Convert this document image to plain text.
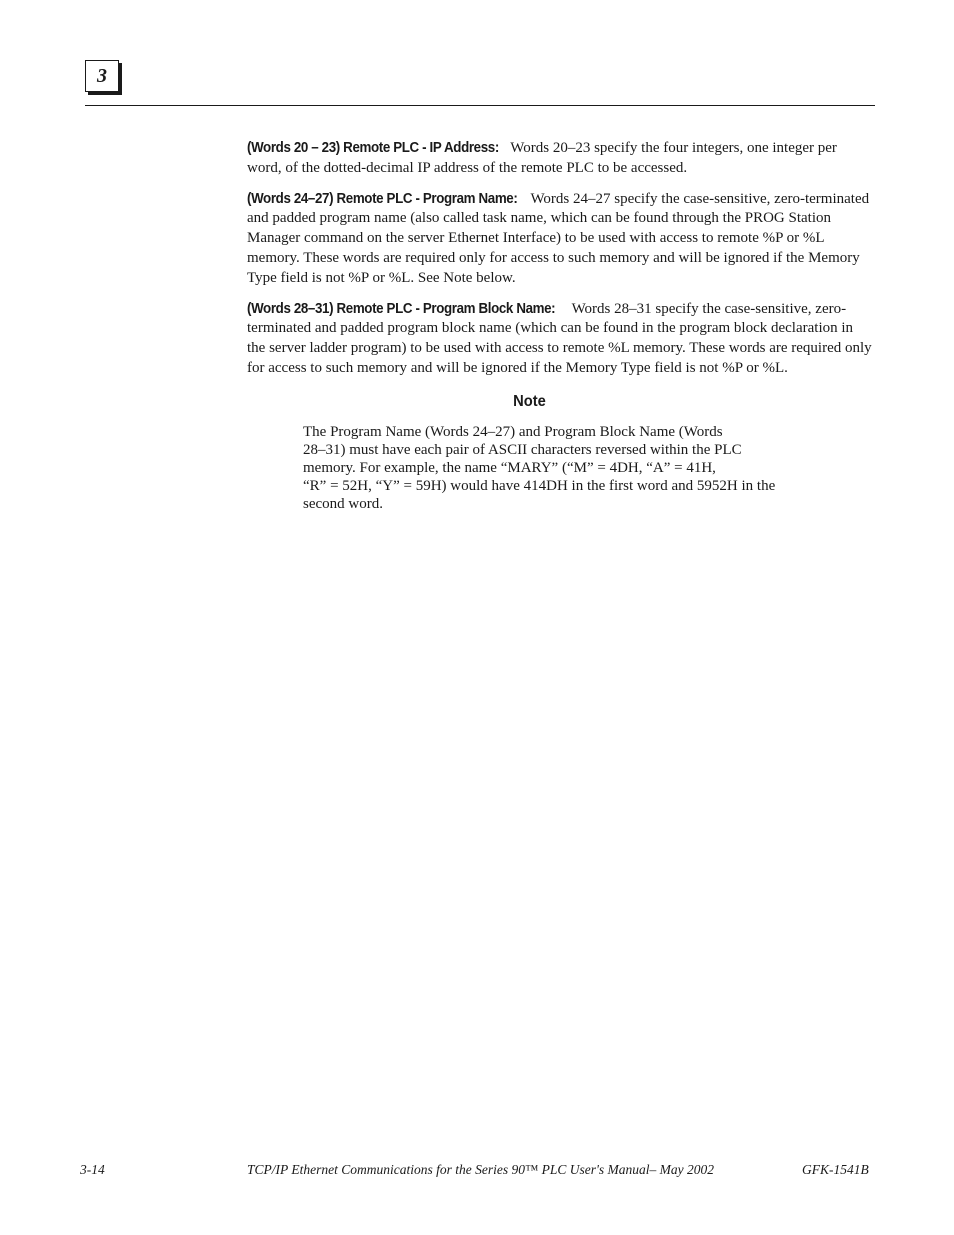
3

(Words 20 – 23) Remote PLC - IP Address: Words 20–23 specify the four integers, one integer per word, of the dotted-decimal IP address of the remote PLC to be accessed.

(Words 24–27) Remote PLC - Program Name: Words 24–27 specify the case-sensitive, zero-terminated and padded program name (also called task name, which can be found through the PROG Station Manager command on the server Ethernet Interface) to be used with access to remote %P or %L memory. These words are required only for access to such memory and will be ignored if the Memory Type field is not %P or %L. See Note below.

(Words 28–31) Remote PLC - Program Block Name: Words 28–31 specify the case-sensitive, zero-terminated and padded program block name (which can be found in the program block declaration in the server ladder program) to be used with access to remote %L memory. These words are required only for access to such memory and will be ignored if the Memory Type field is not %P or %L.

Note
The Program Name (Words 24–27) and Program Block Name (Words
28–31) must have each pair of ASCII characters reversed within the PLC
memory. For example, the name “MARY” (“M” = 4DH, “A” = 41H,
“R” = 52H, “Y” = 59H) would have 414DH in the first word and 5952H in the
second word.
3-14	TCP/IP Ethernet Communications for the Series 90™ PLC User's Manual– May 2002	GFK-1541B
